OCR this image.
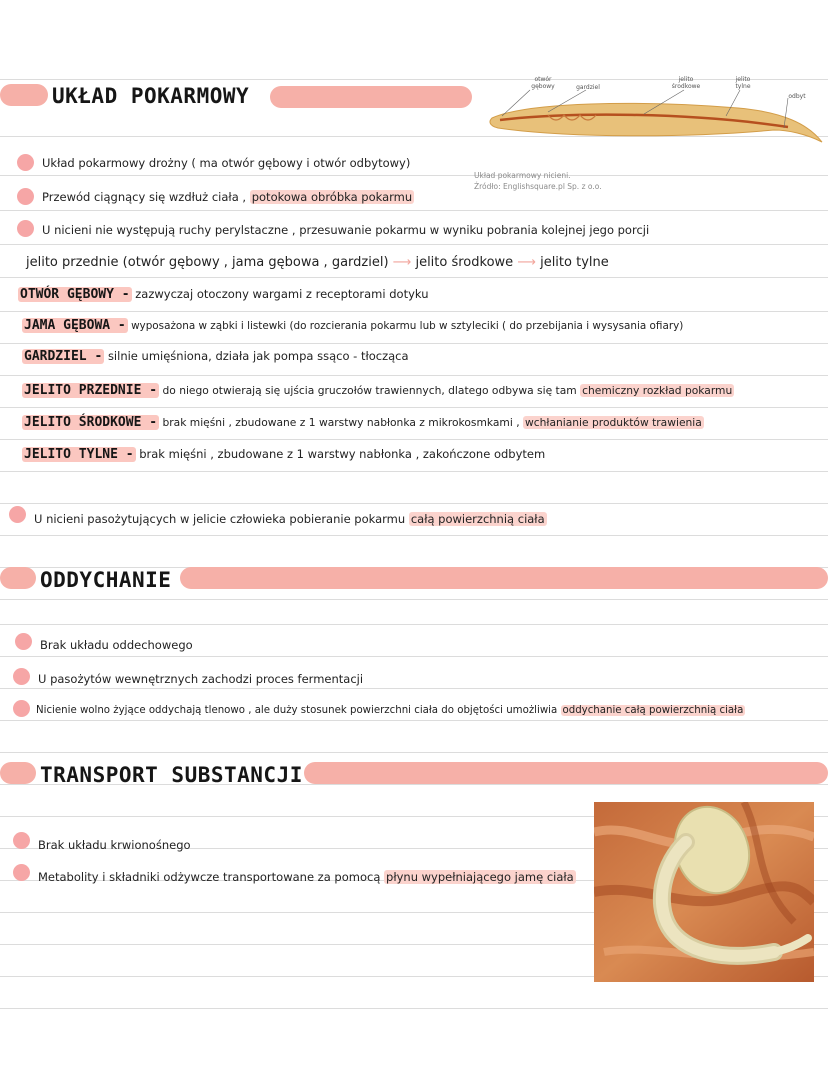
UKŁAD POKARMOWY
otwór gębowy	gardziel
jelito środkowe
jelito tylne
odbyt
Układ pokarmowy nicieni.
Źródło: Englishsquare.pl Sp. z o.o.
Układ pokarmowy drożny ( ma otwór gębowy i otwór odbytowy)
Przewód ciągnący się wzdłuż ciała , potokowa obróbka pokarmu
U nicieni nie występują ruchy perylstaczne , przesuwanie pokarmu w wyniku pobrania kolejnej jego porcji
jelito przednie (otwór gębowy , jama gębowa , gardziel) ⟶ jelito środkowe ⟶ jelito tylne
OTWÓR GĘBOWY - zazwyczaj otoczony wargami z receptorami dotyku
JAMA GĘBOWA - wyposażona w ząbki i listewki (do rozcierania pokarmu lub w sztyleciki ( do przebijania i wysysania ofiary)
GARDZIEL - silnie umięśniona, działa jak pompa ssąco - tłocząca
JELITO PRZEDNIE - do niego otwierają się ujścia gruczołów trawiennych, dlatego odbywa się tam chemiczny rozkład pokarmu
JELITO ŚRODKOWE - brak mięśni , zbudowane z 1 warstwy nabłonka z mikrokosmkami , wchłanianie produktów trawienia
JELITO TYLNE - brak mięśni , zbudowane z 1 warstwy nabłonka , zakończone odbytem
U nicieni pasożytujących w jelicie człowieka pobieranie pokarmu całą powierzchnią ciała
ODDYCHANIE
Brak układu oddechowego
U pasożytów wewnętrznych zachodzi proces fermentacji
Nicienie wolno żyjące oddychają tlenowo , ale duży stosunek powierzchni ciała do objętości umożliwia oddychanie całą powierzchnią ciała
TRANSPORT SUBSTANCJI
Brak układu krwionośnego
Metabolity i składniki odżywcze transportowane za pomocą płynu wypełniającego jamę ciała
